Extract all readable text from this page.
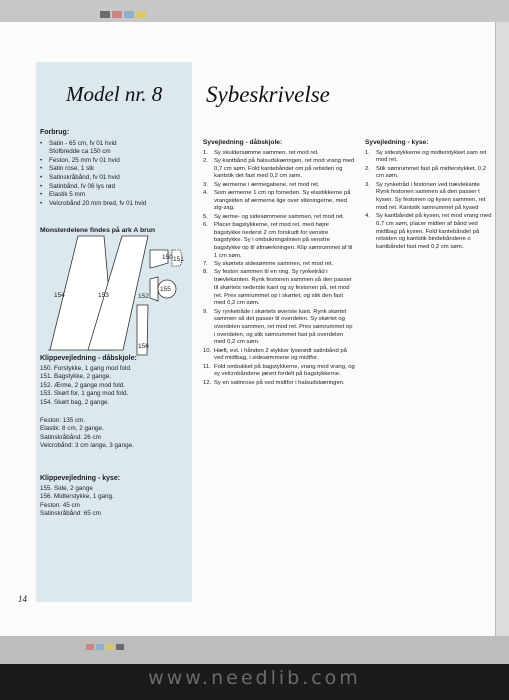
Model nr. 8 Sybeskrivelse

Forbrug:

• Satin - 65 cm, fv 01 hvid
Stofbredde ca 150 cm
• Feston, 25 mm fv 01 hvid
• Satin rose, 1 stk
• Satinskråbånd, fv 01 hvid
• Satinbånd, fv 06 lys rød
• Elastik 5 mm
• Velcrobånd 20 mm bred, fv 01 hvid
Monsterdelene findes på ark A brun
154	153
150 151
152
155
156

Klippevejledning - dåbskjole:

150. Forstykke, 1 gang mod fold.
151. Bagstykke, 2 gange.
152. Ærme, 2 gange mod fold.
153. Skørt for, 1 gang mod fold.
154. Skørt bag, 2 gange.
Feston: 135 cm.
Elastik: 8 cm, 2 gange.
Satinskråbånd: 26 cm
Velcrobånd: 3 cm lange, 3 gange.

Klippevejledning - kyse:

155. Side, 2 gange
156. Midterstykke, 1 gang.
Feston: 45 cm
Satinskråbånd: 65 cm
Syvejledning - dåbskjole:
1. Sy skuldersømme sammen, ret mod ret.
2. Sy kantbånd på halsudskæringen, ret mod vrang med 0,7 cm søm. Fold kantebåndet om på retsiden og kantstik det fast med 0,2 cm søm.
3. Sy ærmerne i ærmegabene, ret mod ret.
4. Som ærmerne 1 cm op forneden. Sy elastikkerne på vrangsiden af ærmerne lige over stikningerne, med zig-zag.
5. Sy ærme- og sidesømmene sammen, ret mod ret.
6. Placer bagstykkerne, ret mod ret, med højre bagstykke nederst 2 cm forskudt for venstre bagstykke. Sy i ombukningslinien på venstre bagstykke op til afmærkningen. Klip sømrummet af til 1 cm søm.
7. Sy skørtets sidesømme sammen, ret mod ret.
8. Sy feston sammen til en ring. Sy rynketråd i trævlekanten. Rynk festonen sammen så den passer til skørtets nederste kant og sy festonen på, ret mod ret. Pres sømrummet op i skørtet, og stik den fast med 0,2 cm søm.
9. Sy rynketråde i skørtets øverste kant. Rynk skørtet sammen så det passer til overdelen. Sy skørtet og overdelen sammen, ret mod ret. Pres sømrummet op i overdelen, og stik sømrummet fast på overdelen med 0,2 cm søm.
10. Hæft, evt. i hånden 2 stykker lyserødt satinbånd på ved midtbag, i sidesømmene og midtfor.
11. Fold ombukket på bagstykkerne, vrang mod vrang, og sy velcrobåndene jævnt fordelt på bagstykkerne.
12. Sy en satinrose på ved midtfor i halsudskæringen.
Syvejledning - kyse:
1. Sy sidestykkerne og midterstykket sam ret mod ret.
2. Stik sømrummet fast på midterstykket, 0,2 cm søm.
3. Sy rynketråd i festonen ved trævlekante Rynk festonen sammen så den passer t kysen. Sy festonen og kysen sammen, ret mod ret. Kantstik sømrummet på kysed
4. Sy kantbåndet på kysen, ret mod vrang med 0,7 cm søm, placer midten af bånd ved midtbag på kysen. Fold kantebåndet på retsiden og kantstik bindebåndene o kantbåndet fast med 0,2 cm søm.
14
www.needlib.com
